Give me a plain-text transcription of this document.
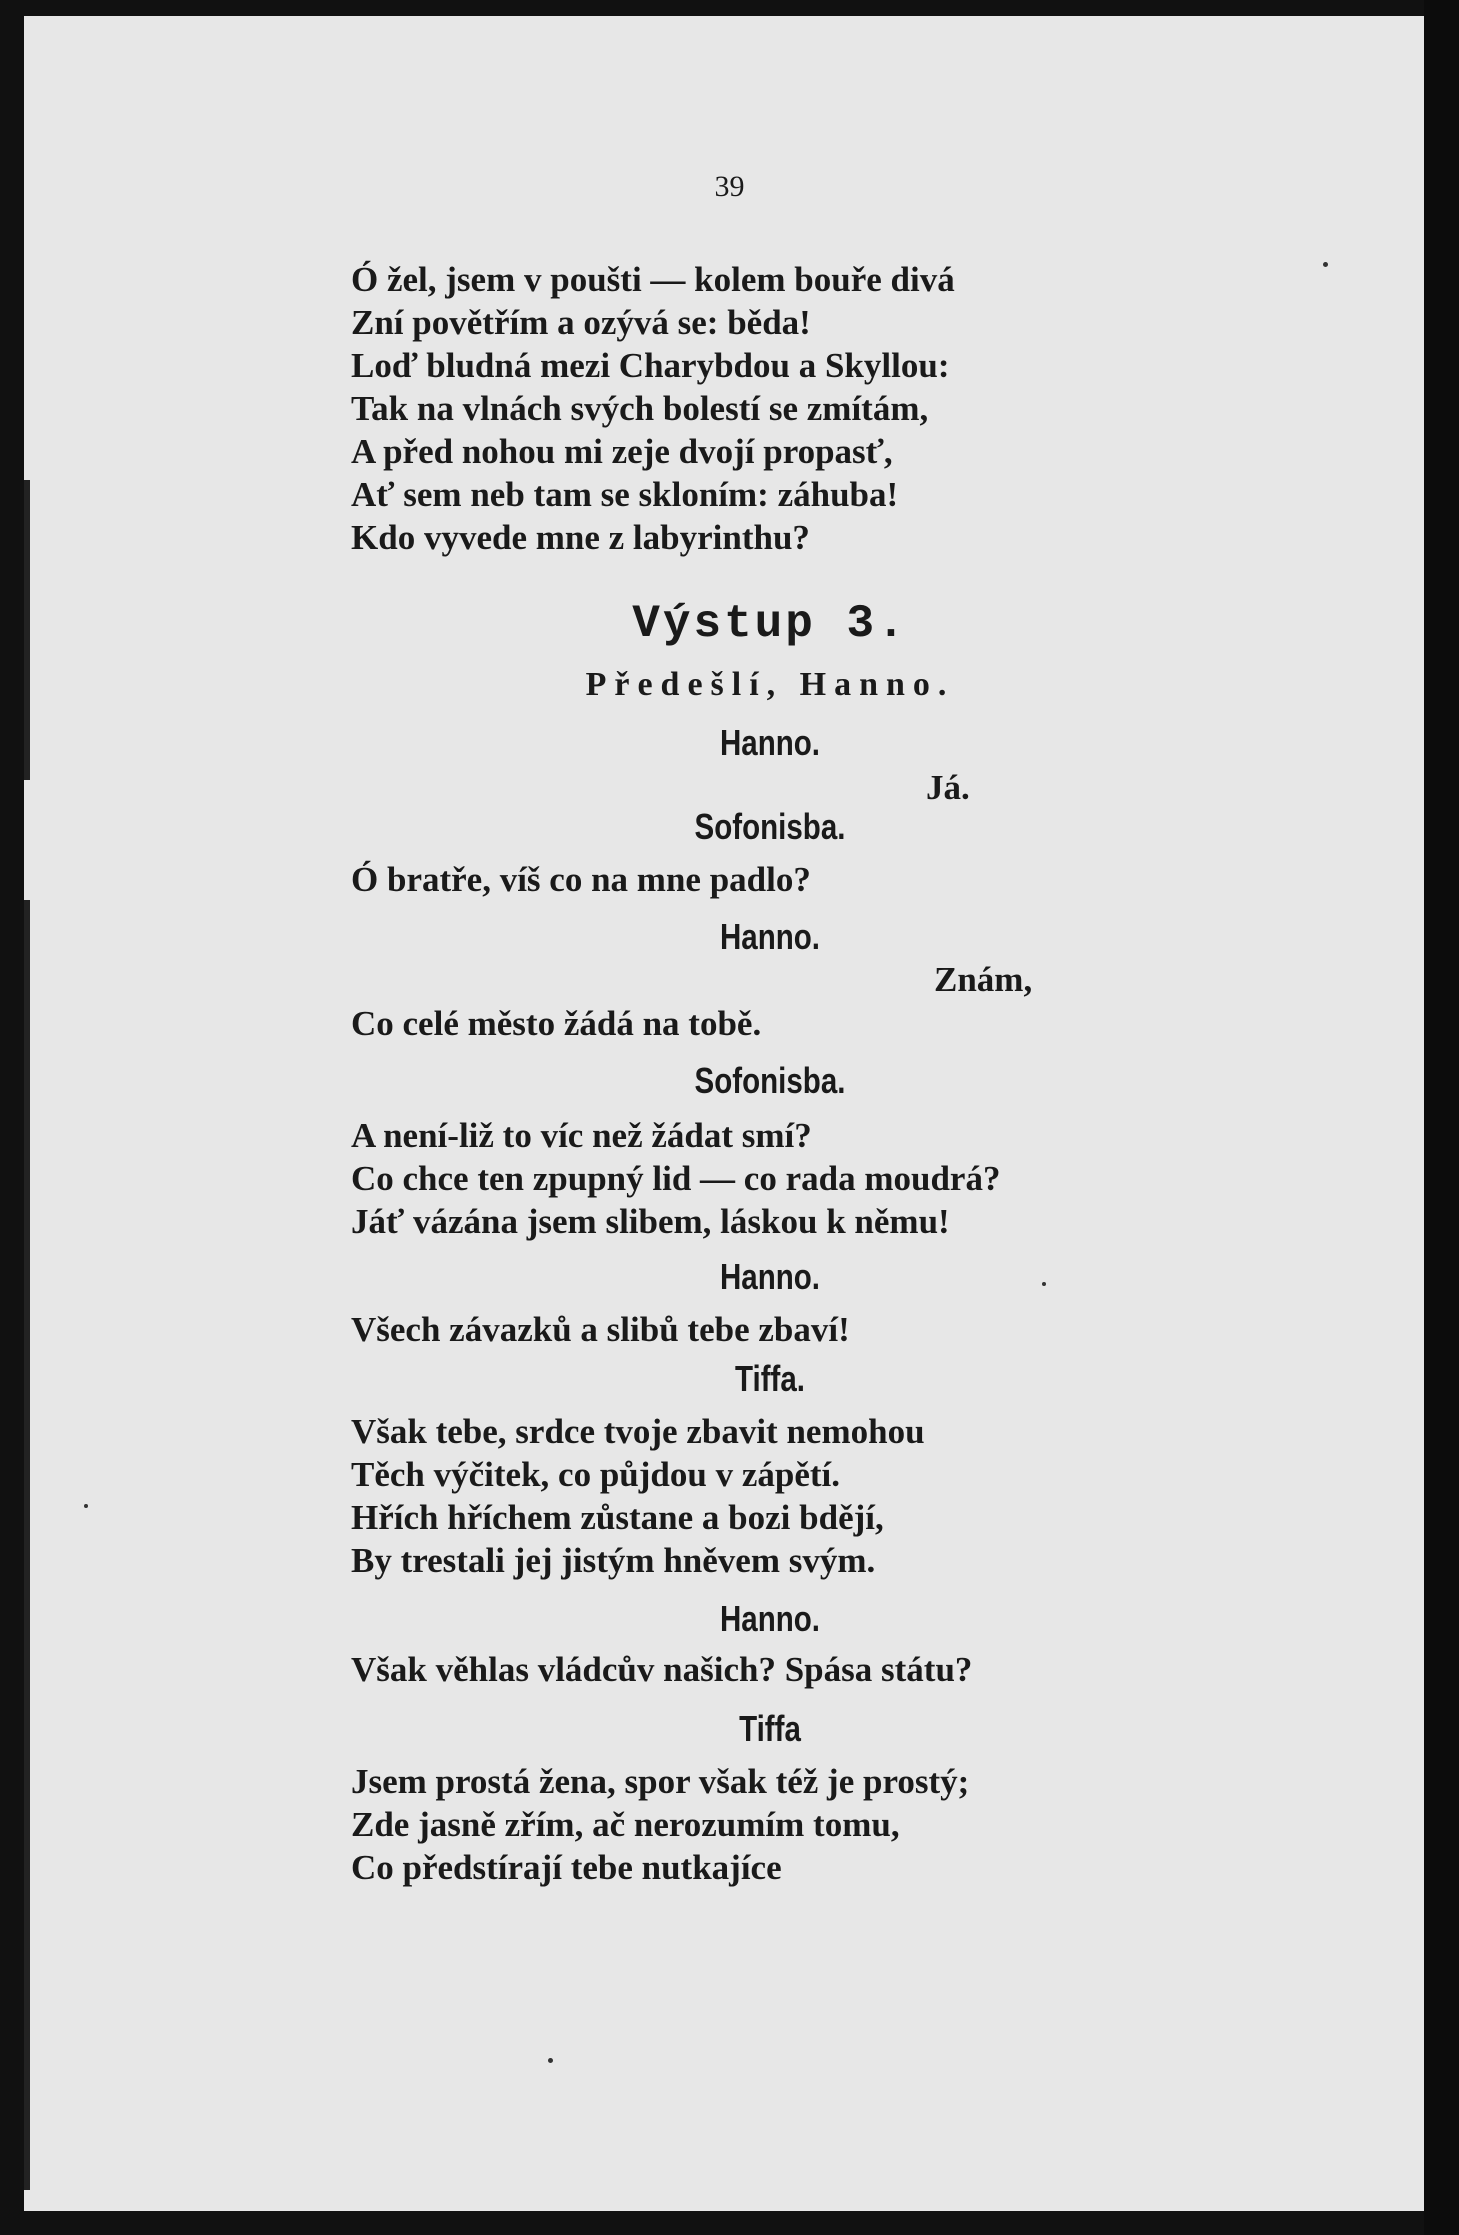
39
Ó žel, jsem v poušti — kolem bouře divá
Zní povětřím a ozývá se: běda!
Loď bludná mezi Charybdou a Skyllou:
Tak na vlnách svých bolestí se zmítám,
A před nohou mi zeje dvojí propasť,
Ať sem neb tam se skloním: záhuba!
Kdo vyvede mne z labyrinthu?
Výstup 3.
Předešlí, Hanno.
Hanno.
Já.
Sofonisba.
Ó bratře, víš co na mne padlo?
Hanno.
Znám,
Co celé město žádá na tobě.
Sofonisba.
A není-liž to víc než žádat smí?
Co chce ten zpupný lid — co rada moudrá?
Jáť vázána jsem slibem, láskou k němu!
Hanno.
Všech závazků a slibů tebe zbaví!
Tiffa.
Však tebe, srdce tvoje zbavit nemohou
Těch výčitek, co půjdou v zápětí.
Hřích hříchem zůstane a bozi bdějí,
By trestali jej jistým hněvem svým.
Hanno.
Však věhlas vládcův našich? Spása státu?
Tiffa
Jsem prostá žena, spor však též je prostý;
Zde jasně zřím, ač nerozumím tomu,
Co předstírají tebe nutkajíce
